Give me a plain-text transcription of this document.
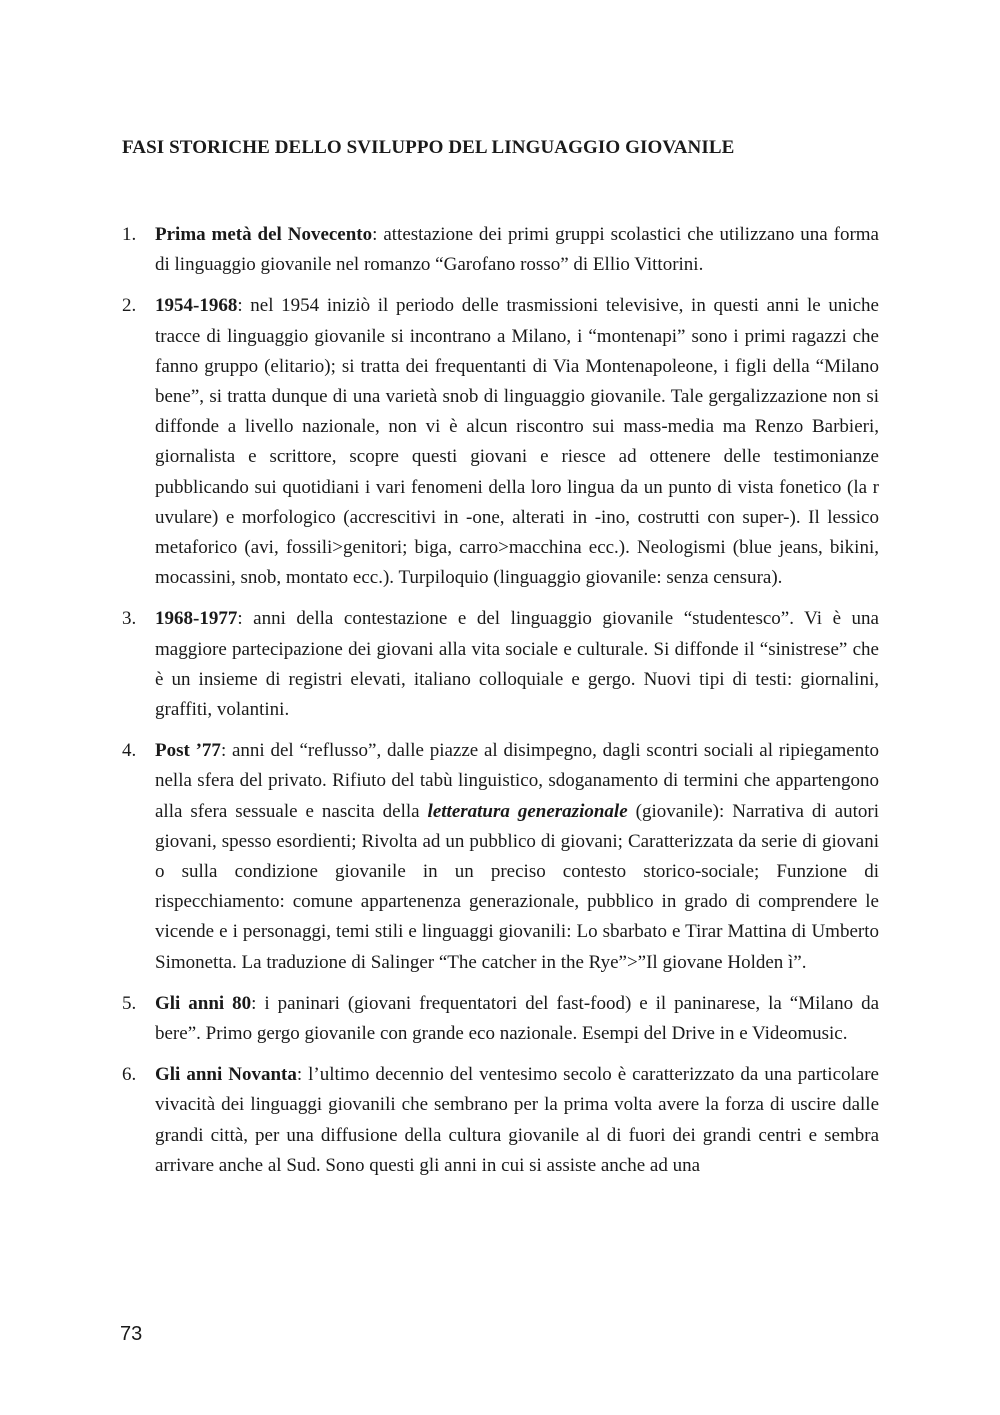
FASI STORICHE DELLO SVILUPPO DEL LINGUAGGIO GIOVANILE
1. Prima metà del Novecento: attestazione dei primi gruppi scolastici che utilizzano una forma di linguaggio giovanile nel romanzo “Garofano rosso” di Ellio Vittorini.
2. 1954-1968: nel 1954 iniziò il periodo delle trasmissioni televisive, in questi anni le uniche tracce di linguaggio giovanile si incontrano a Milano, i “montenapi” sono i primi ragazzi che fanno gruppo (elitario); si tratta dei frequentanti di Via Montenapoleone, i figli della “Milano bene”, si tratta dunque di una varietà snob di linguaggio giovanile. Tale gergalizzazione non si diffonde a livello nazionale, non vi è alcun riscontro sui mass-media ma Renzo Barbieri, giornalista e scrittore, scopre questi giovani e riesce ad ottenere delle testimonianze pubblicando sui quotidiani i vari fenomeni della loro lingua da un punto di vista fonetico (la r uvulare) e morfologico (accrescitivi in -one, alterati in -ino, costrutti con super-). Il lessico metaforico (avi, fossili>genitori; biga, carro>macchina ecc.). Neologismi (blue jeans, bikini, mocassini, snob, montato ecc.). Turpiloquio (linguaggio giovanile: senza censura).
3. 1968-1977: anni della contestazione e del linguaggio giovanile “studentesco”. Vi è una maggiore partecipazione dei giovani alla vita sociale e culturale. Si diffonde il “sinistrese” che è un insieme di registri elevati, italiano colloquiale e gergo. Nuovi tipi di testi: giornalini, graffiti, volantini.
4. Post ’77: anni del “reflusso”, dalle piazze al disimpegno, dagli scontri sociali al ripiegamento nella sfera del privato. Rifiuto del tabù linguistico, sdoganamento di termini che appartengono alla sfera sessuale e nascita della letteratura generazionale (giovanile): Narrativa di autori giovani, spesso esordienti; Rivolta ad un pubblico di giovani; Caratterizzata da serie di giovani o sulla condizione giovanile in un preciso contesto storico-sociale; Funzione di rispecchiamento: comune appartenenza generazionale, pubblico in grado di comprendere le vicende e i personaggi, temi stili e linguaggi giovanili: Lo sbarbato e Tirar Mattina di Umberto Simonetta. La traduzione di Salinger “The catcher in the Rye”>”Il giovane Holden ì”.
5. Gli anni 80: i paninari (giovani frequentatori del fast-food) e il paninarese, la “Milano da bere”. Primo gergo giovanile con grande eco nazionale. Esempi del Drive in e Videomusic.
6. Gli anni Novanta: l’ultimo decennio del ventesimo secolo è caratterizzato da una particolare vivacità dei linguaggi giovanili che sembrano per la prima volta avere la forza di uscire dalle grandi città, per una diffusione della cultura giovanile al di fuori dei grandi centri e sembra arrivare anche al Sud. Sono questi gli anni in cui si assiste anche ad una
73
